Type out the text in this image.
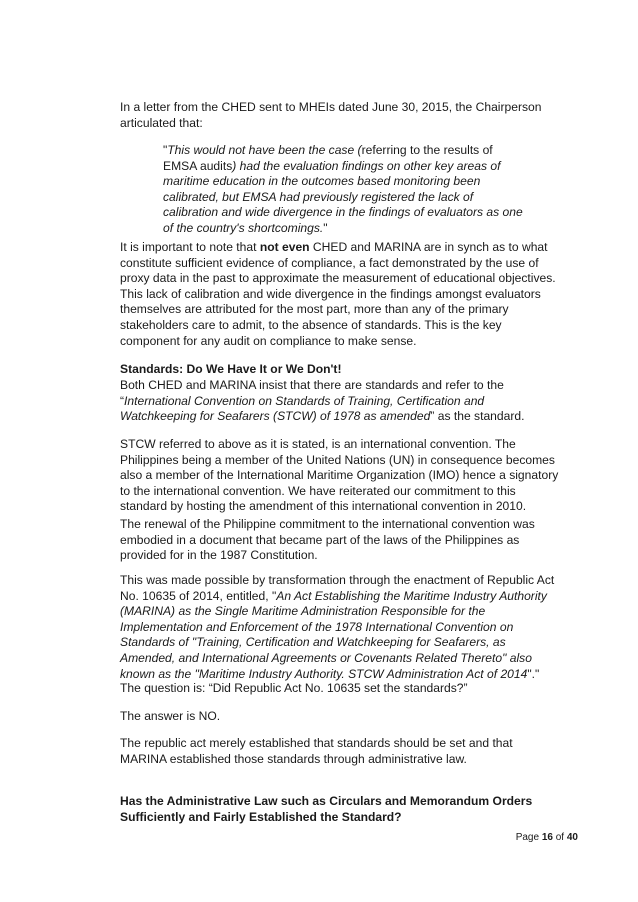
In a letter from the CHED sent to MHEIs dated June 30, 2015, the Chairperson articulated that:

"This would not have been the case (referring to the results of EMSA audits) had the evaluation findings on other key areas of maritime education in the outcomes based monitoring been calibrated, but EMSA had previously registered the lack of calibration and wide divergence in the findings of evaluators as one of the country's shortcomings."

It is important to note that not even CHED and MARINA are in synch as to what constitute sufficient evidence of compliance, a fact demonstrated by the use of proxy data in the past to approximate the measurement of educational objectives. This lack of calibration and wide divergence in the findings amongst evaluators themselves are attributed for the most part, more than any of the primary stakeholders care to admit, to the absence of standards. This is the key component for any audit on compliance to make sense.

Standards: Do We Have It or We Don't!

Both CHED and MARINA insist that there are standards and refer to the “International Convention on Standards of Training, Certification and Watchkeeping for Seafarers (STCW) of 1978 as amended” as the standard.

STCW referred to above as it is stated, is an international convention. The Philippines being a member of the United Nations (UN) in consequence becomes also a member of the International Maritime Organization (IMO) hence a signatory to the international convention. We have reiterated our commitment to this standard by hosting the amendment of this international convention in 2010.

The renewal of the Philippine commitment to the international convention was embodied in a document that became part of the laws of the Philippines as provided for in the 1987 Constitution.

This was made possible by transformation through the enactment of Republic Act No. 10635 of 2014, entitled, "An Act Establishing the Maritime Industry Authority (MARINA) as the Single Maritime Administration Responsible for the Implementation and Enforcement of the 1978 International Convention on Standards of "Training, Certification and Watchkeeping for Seafarers, as Amended, and International Agreements or Covenants Related Thereto" also known as the "Maritime Industry Authority. STCW Administration Act of 2014"."

The question is: “Did Republic Act No. 10635 set the standards?”

The answer is NO.

The republic act merely established that standards should be set and that MARINA established those standards through administrative law.

Has the Administrative Law such as Circulars and Memorandum Orders Sufficiently and Fairly Established the Standard?

Page 16 of 40
